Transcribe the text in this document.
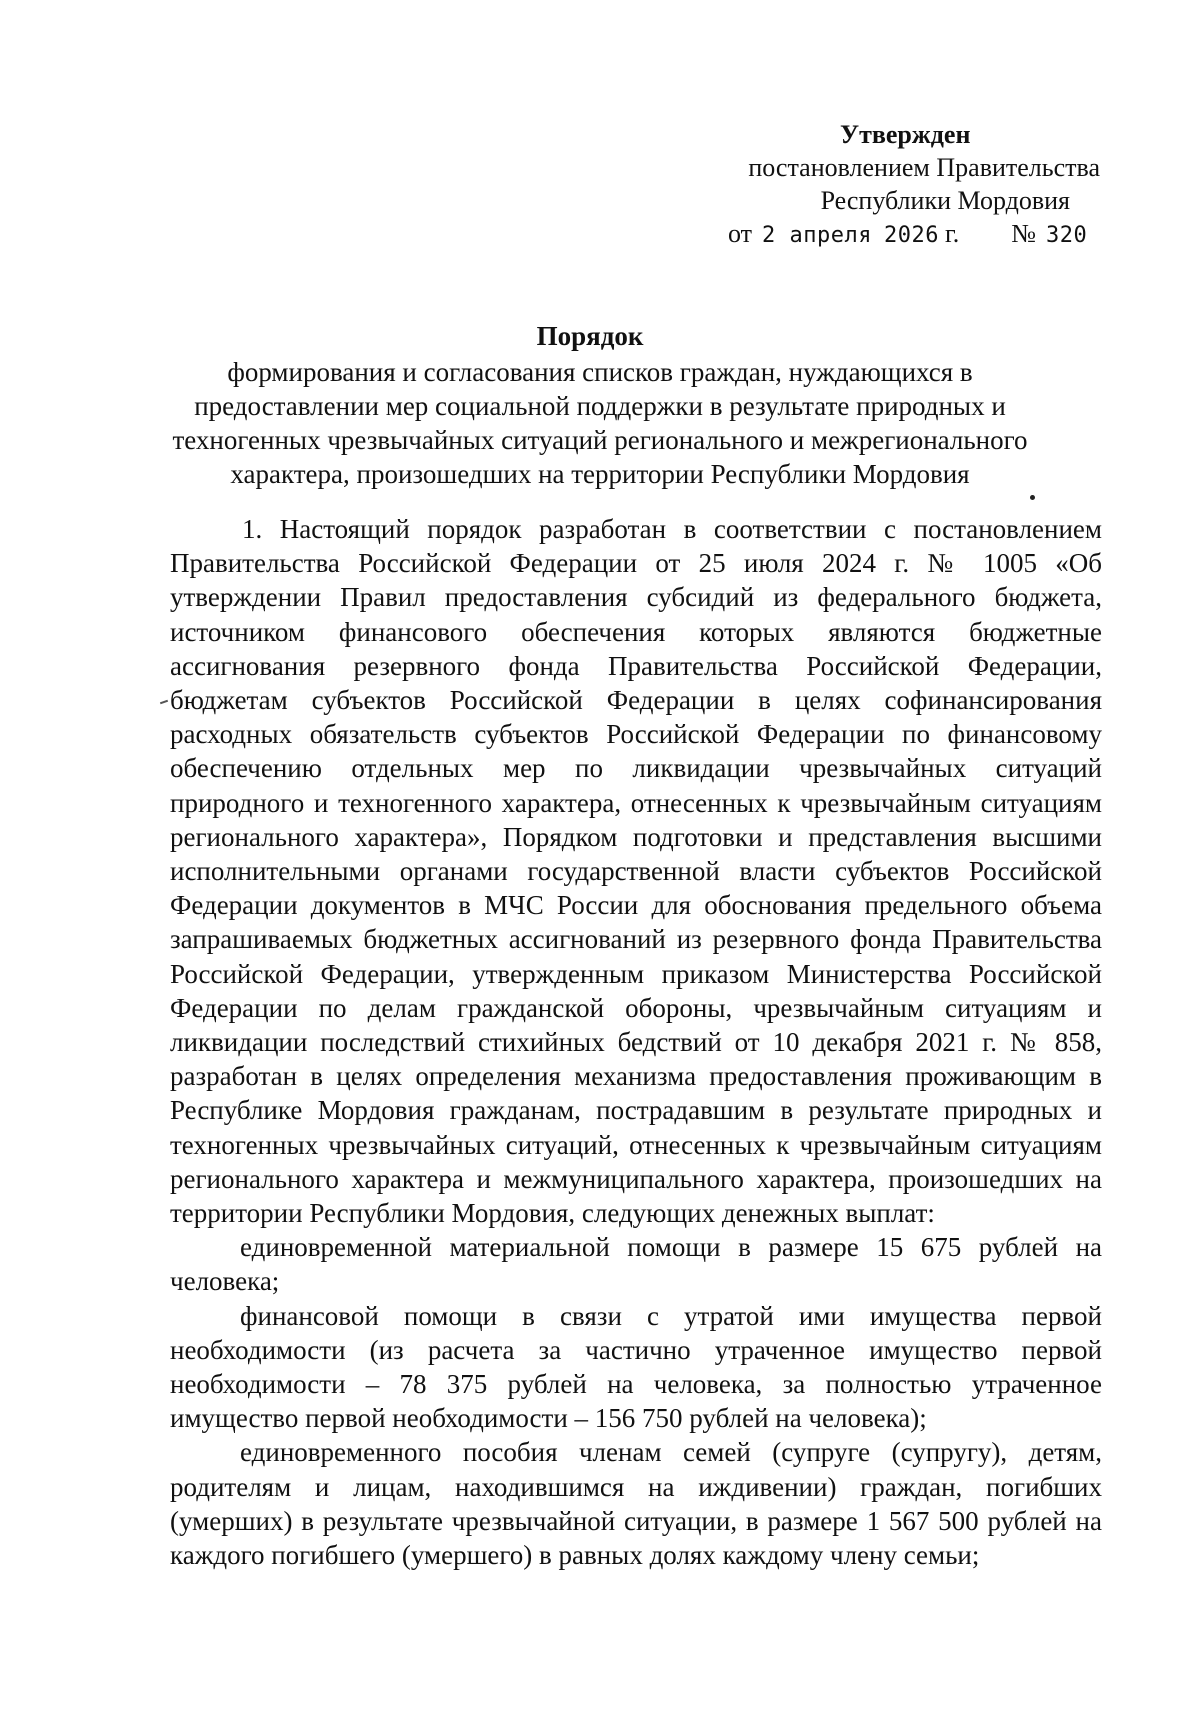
Утвержден
постановлением Правительства
Республики Мордовия
от 2 апреля 2026 г. № 320
Порядок
формирования и согласования списков граждан, нуждающихся в предоставлении мер социальной поддержки в результате природных и техногенных чрезвычайных ситуаций регионального и межрегионального характера, произошедших на территории Республики Мордовия

1. Настоящий порядок разработан в соответствии с постановлением Правительства Российской Федерации от 25 июля 2024 г. № 1005 «Об утверждении Правил предоставления субсидий из федерального бюджета, источником финансового обеспечения которых являются бюджетные ассигнования резервного фонда Правительства Российской Федерации, бюджетам субъектов Российской Федерации в целях софинансирования расходных обязательств субъектов Российской Федерации по финансовому обеспечению отдельных мер по ликвидации чрезвычайных ситуаций природного и техногенного характера, отнесенных к чрезвычайным ситуациям регионального характера», Порядком подготовки и представления высшими исполнительными органами государственной власти субъектов Российской Федерации документов в МЧС России для обоснования предельного объема запрашиваемых бюджетных ассигнований из резервного фонда Правительства Российской Федерации, утвержденным приказом Министерства Российской Федерации по делам гражданской обороны, чрезвычайным ситуациям и ликвидации последствий стихийных бедствий от 10 декабря 2021 г. № 858, разработан в целях определения механизма предоставления проживающим в Республике Мордовия гражданам, пострадавшим в результате природных и техногенных чрезвычайных ситуаций, отнесенных к чрезвычайным ситуациям регионального характера и межмуниципального характера, произошедших на территории Республики Мордовия, следующих денежных выплат:

единовременной материальной помощи в размере 15 675 рублей на человека;

финансовой помощи в связи с утратой ими имущества первой необходимости (из расчета за частично утраченное имущество первой необходимости – 78 375 рублей на человека, за полностью утраченное имущество первой необходимости – 156 750 рублей на человека);

единовременного пособия членам семей (супруге (супругу), детям, родителям и лицам, находившимся на иждивении) граждан, погибших (умерших) в результате чрезвычайной ситуации, в размере 1 567 500 рублей на каждого погибшего (умершего) в равных долях каждому члену семьи;
